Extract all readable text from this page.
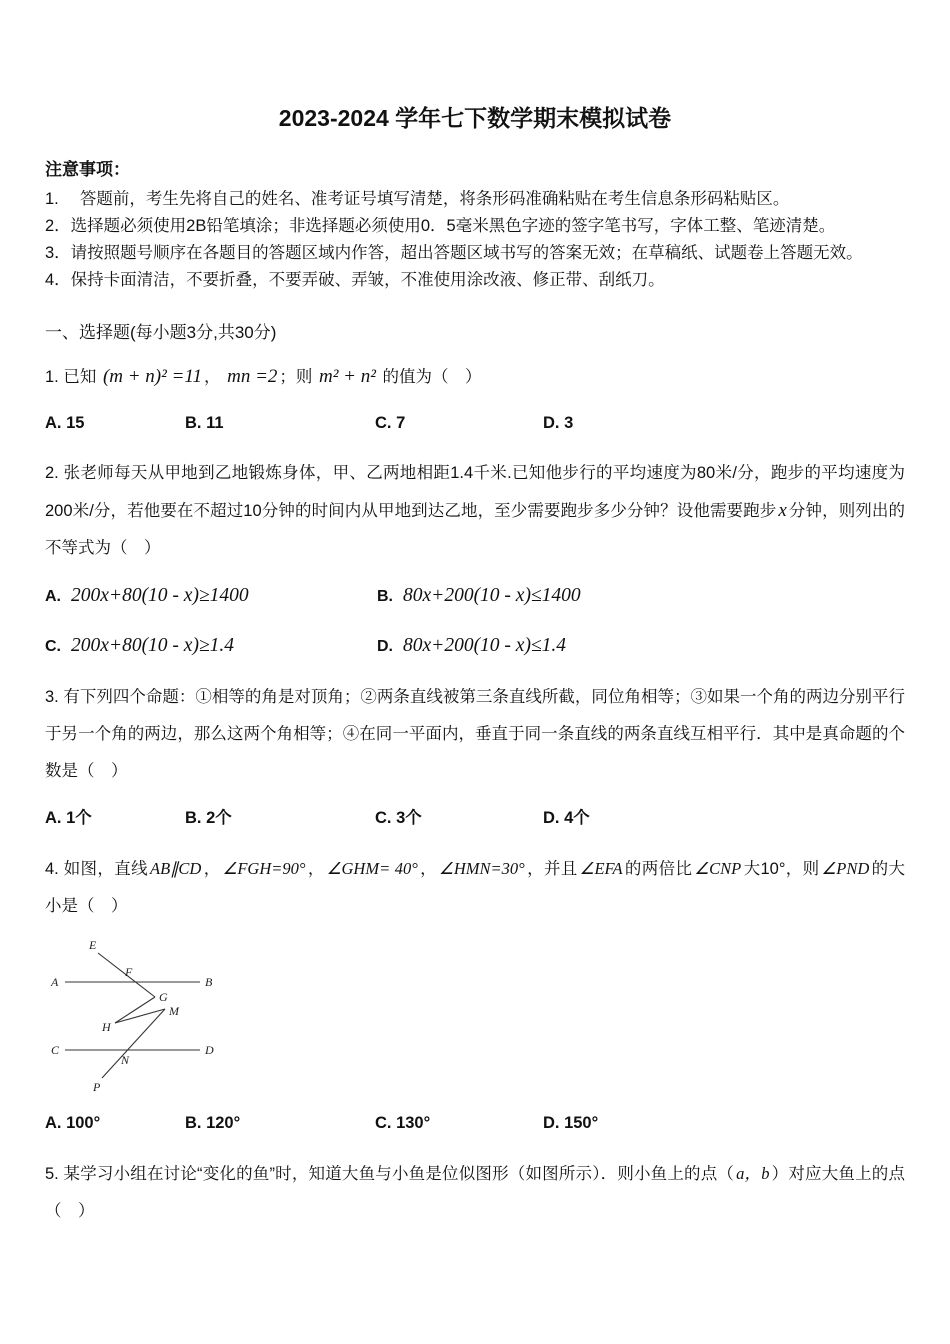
2023-2024 学年七下数学期末模拟试卷
注意事项：

1.　 答题前，考生先将自己的姓名、准考证号填写清楚，将条形码准确粘贴在考生信息条形码粘贴区。

2．选择题必须使用2B铅笔填涂；非选择题必须使用0．5毫米黑色字迹的签字笔书写，字体工整、笔迹清楚。

3．请按照题号顺序在各题目的答题区域内作答，超出答题区域书写的答案无效；在草稿纸、试题卷上答题无效。

4．保持卡面清洁，不要折叠，不要弄破、弄皱，不准使用涂改液、修正带、刮纸刀。

一、选择题(每小题3分,共30分)

1. 已知 (m + n)² =11 ， mn =2 ；则 m² + n² 的值为（　）

A. 15	B. 11	C. 7	D. 3

2. 张老师每天从甲地到乙地锻炼身体，甲、乙两地相距1.4千米.已知他步行的平均速度为80米/分，跑步的平均速度为200米/分，若他要在不超过10分钟的时间内从甲地到达乙地，至少需要跑步多少分钟？设他需要跑步 x 分钟，则列出的不等式为（　）

A. 200x+80(10 - x)≥1400	B. 80x+200(10 - x)≤1400
C. 200x+80(10 - x)≥1.4	D. 80x+200(10 - x)≤1.4

3. 有下列四个命题：①相等的角是对顶角；②两条直线被第三条直线所截，同位角相等；③如果一个角的两边分别平行于另一个角的两边，那么这两个角相等；④在同一平面内，垂直于同一条直线的两条直线互相平行．其中是真命题的个数是（　）

A. 1个	B. 2个	C. 3个	D. 4个

4. 如图，直线 AB∥CD ， ∠FGH=90° ， ∠GHM= 40° ， ∠HMN=30° ，并且 ∠EFA 的两倍比 ∠CNP 大10°，则 ∠PND 的大小是（　）

E
A
F
B
G
M
H
C
N
D
P
A. 100°	B. 120°	C. 130°	D. 150°

5. 某学习小组在讨论“变化的鱼”时，知道大鱼与小鱼是位似图形（如图所示）．则小鱼上的点（ a，b ）对应大鱼上的点（　）
